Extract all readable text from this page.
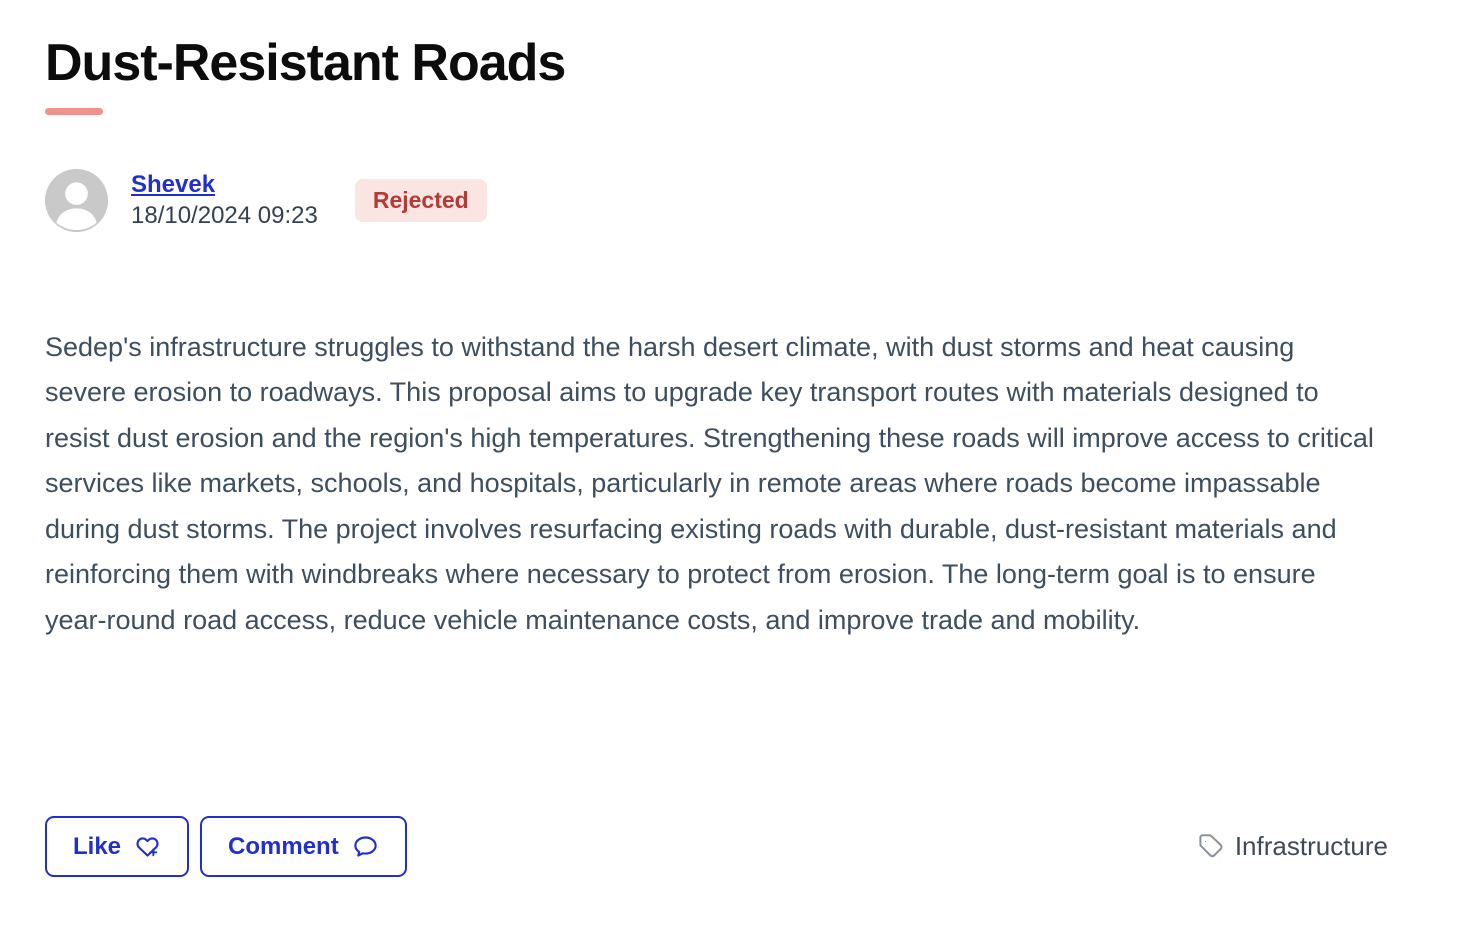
Dust-Resistant Roads
Shevek
18/10/2024 09:23
Rejected

Sedep's infrastructure struggles to withstand the harsh desert climate, with dust storms and heat causing severe erosion to roadways. This proposal aims to upgrade key transport routes with materials designed to resist dust erosion and the region's high temperatures. Strengthening these roads will improve access to critical services like markets, schools, and hospitals, particularly in remote areas where roads become impassable during dust storms. The project involves resurfacing existing roads with durable, dust-resistant materials and reinforcing them with windbreaks where necessary to protect from erosion. The long-term goal is to ensure year-round road access, reduce vehicle maintenance costs, and improve trade and mobility.

Like	Comment	Infrastructure
